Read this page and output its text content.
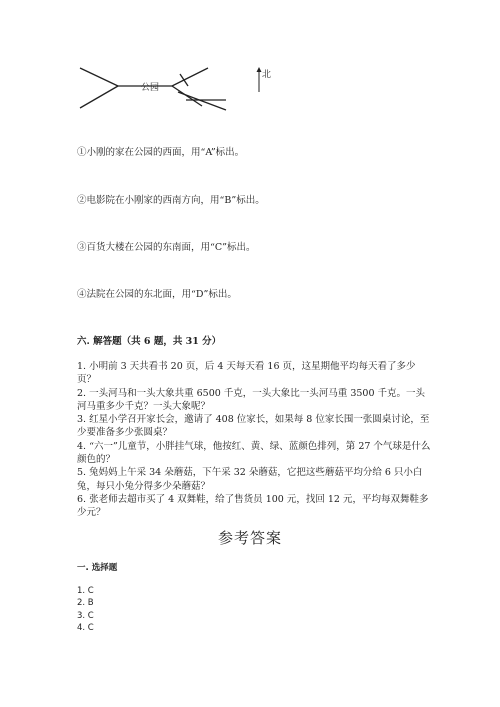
公园
北
①小刚的家在公园的西面，用“A”标出。
②电影院在小刚家的西南方向，用“B”标出。
③百货大楼在公园的东南面，用“C”标出。
④法院在公园的东北面，用“D”标出。
六. 解答题（共 6 题，共 31 分）

1. 小明前 3 天共看书 20 页，后 4 天每天看 16 页，这星期他平均每天看了多少页？

2. 一头河马和一头大象共重 6500 千克，一头大象比一头河马重 3500 千克。一头河马重多少千克？一头大象呢？

3. 红星小学召开家长会，邀请了 408 位家长，如果每 8 位家长围一张圆桌讨论，至少要准备多少张圆桌？

4. “六一”儿童节，小胖挂气球，他按红、黄、绿、蓝颜色排列，第 27 个气球是什么颜色的？

5. 兔妈妈上午采 34 朵蘑菇，下午采 32 朵蘑菇，它把这些蘑菇平均分给 6 只小白兔，每只小兔分得多少朵蘑菇？

6. 张老师去超市买了 4 双舞鞋，给了售货员 100 元，找回 12 元，平均每双舞鞋多少元？

参考答案
一. 选择题
1. C
2. B
3. C
4. C
